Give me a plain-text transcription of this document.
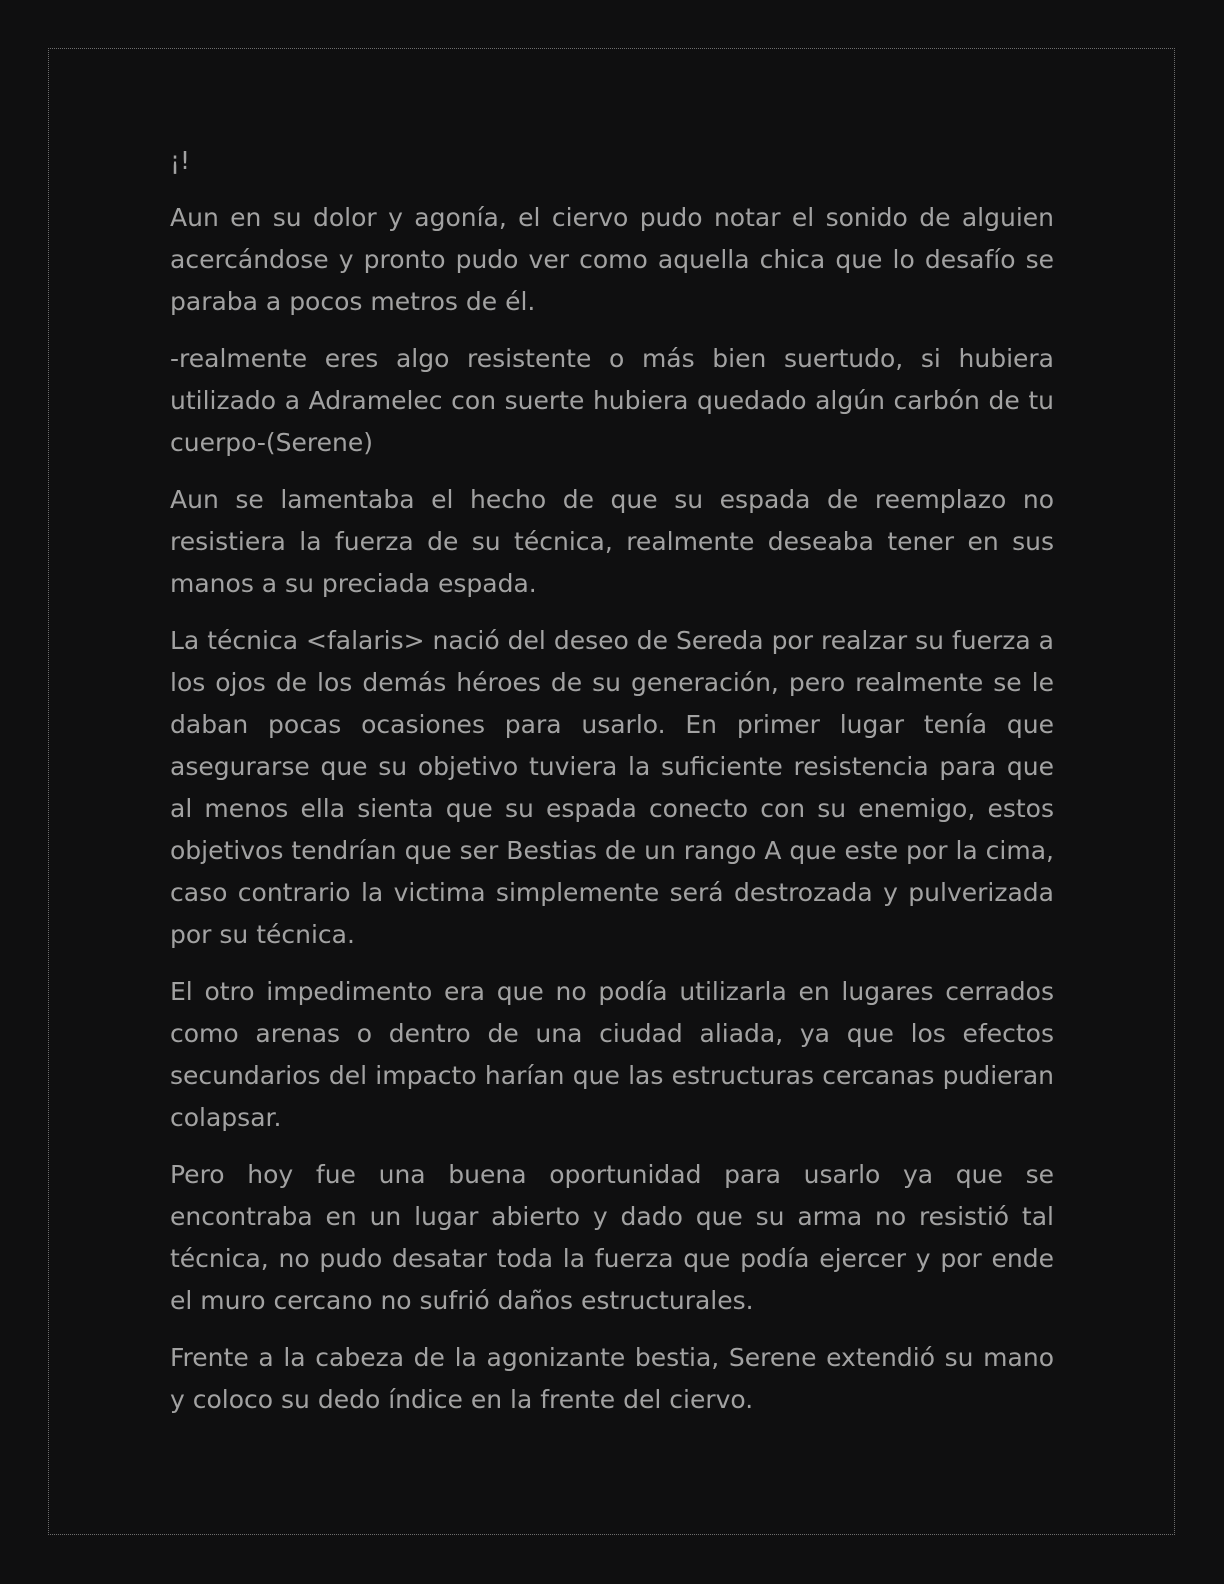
¡!

Aun en su dolor y agonía, el ciervo pudo notar el sonido de alguien acercándose y pronto pudo ver como aquella chica que lo desafío se paraba a pocos metros de él.

-realmente eres algo resistente o más bien suertudo, si hubiera utilizado a Adramelec con suerte hubiera quedado algún carbón de tu cuerpo-(Serene)

Aun se lamentaba el hecho de que su espada de reemplazo no resistiera la fuerza de su técnica, realmente deseaba tener en sus manos a su preciada espada.

La técnica <falaris> nació del deseo de Sereda por realzar su fuerza a los ojos de los demás héroes de su generación, pero realmente se le daban pocas ocasiones para usarlo. En primer lugar tenía que asegurarse que su objetivo tuviera la suficiente resistencia para que al menos ella sienta que su espada conecto con su enemigo, estos objetivos tendrían que ser Bestias de un rango A que este por la cima, caso contrario la victima simplemente será destrozada y pulverizada por su técnica.

El otro impedimento era que no podía utilizarla en lugares cerrados como arenas o dentro de una ciudad aliada, ya que los efectos secundarios del impacto harían que las estructuras cercanas pudieran colapsar.

Pero hoy fue una buena oportunidad para usarlo ya que se encontraba en un lugar abierto y dado que su arma no resistió tal técnica, no pudo desatar toda la fuerza que podía ejercer y por ende el muro cercano no sufrió daños estructurales.

Frente a la cabeza de la agonizante bestia, Serene extendió su mano y coloco su dedo índice en la frente del ciervo.
